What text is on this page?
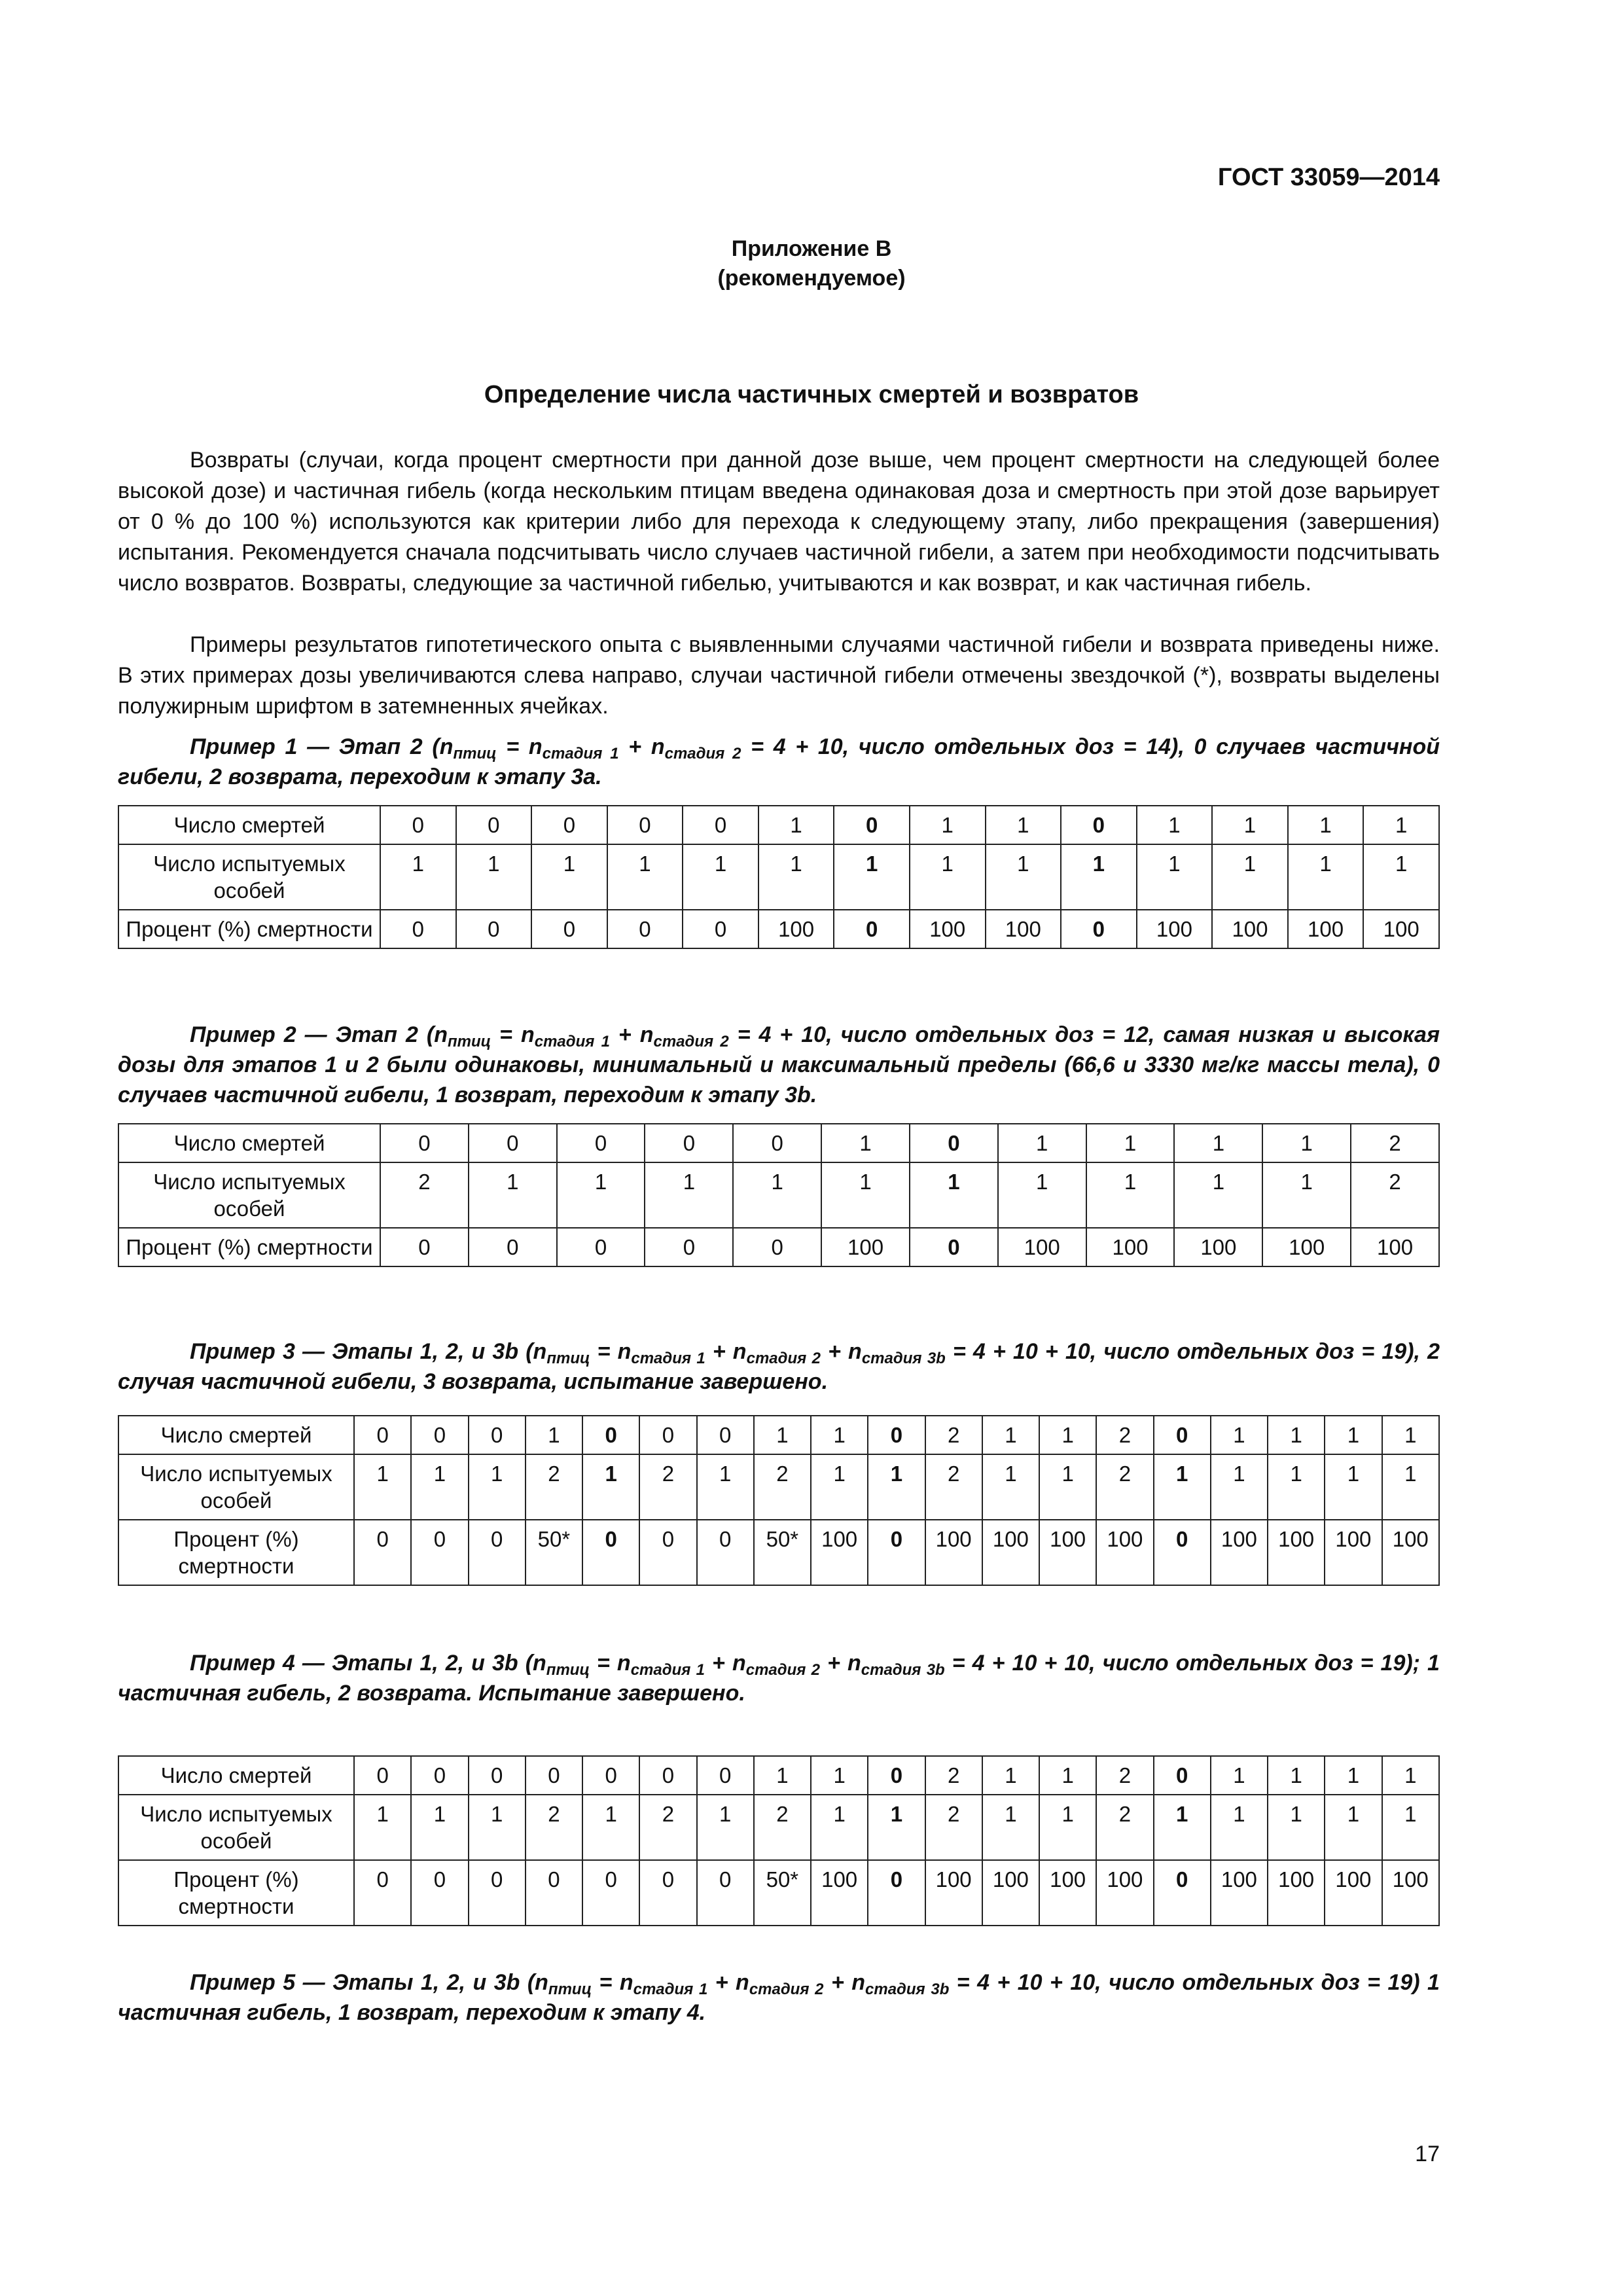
ГОСТ 33059—2014
Приложение В
(рекомендуемое)
Определение числа частичных смертей и возвратов

Возвраты (случаи, когда процент смертности при данной дозе выше, чем процент смертности на следующей более высокой дозе) и частичная гибель (когда нескольким птицам введена одинаковая доза и смертность при этой дозе варьирует от 0 % до 100 %) используются как критерии либо для перехода к следующему этапу, либо прекращения (завершения) испытания. Рекомендуется сначала подсчитывать число случаев частичной гибели, а затем при необходимости подсчитывать число возвратов. Возвраты, следующие за частичной гибелью, учитываются и как возврат, и как частичная гибель.

Примеры результатов гипотетического опыта с выявленными случаями частичной гибели и возврата приведены ниже. В этих примерах дозы увеличиваются слева направо, случаи частичной гибели отмечены звездочкой (*), возвраты выделены полужирным шрифтом в затемненных ячейках.

Пример 1 — Этап 2 ($n_{птиц} = n_{стадия 1} + n_{стадия 2} = 4 + 10$, число отдельных доз = 14), 0 случаев частичной гибели, 2 возврата, переходим к этапу 3а.

Число смертей	0	0	0	0	0	1	0	1	1	0	1	1	1	1
Число испытуемых особей	1	1	1	1	1	1	1	1	1	1	1	1	1	1
Процент (%) смертности	0	0	0	0	0	100	0	100	100	0	100	100	100	100

Пример 2 — Этап 2 ($n_{птиц} = n_{стадия 1} + n_{стадия 2} = 4 + 10$, число отдельных доз = 12, самая низкая и высокая дозы для этапов 1 и 2 были одинаковы, минимальный и максимальный пределы (66,6 и 3330 мг/кг массы тела), 0 случаев частичной гибели, 1 возврат, переходим к этапу 3b.

Число смертей	0	0	0	0	0	1	0	1	1	1	1	2
Число испытуемых особей	2	1	1	1	1	1	1	1	1	1	1	2
Процент (%) смертности	0	0	0	0	0	100	0	100	100	100	100	100

Пример 3 — Этапы 1, 2, и 3b ($n_{птиц} = n_{стадия 1} + n_{стадия 2} + n_{стадия 3b} = 4 + 10 + 10$, число отдельных доз = 19), 2 случая частичной гибели, 3 возврата, испытание завершено.

Число смертей	0	0	0	1	0	0	0	1	1	0	2	1	1	2	0	1	1	1	1
Число испытуемых особей	1	1	1	2	1	2	1	2	1	1	2	1	1	2	1	1	1	1	1
Процент (%) смертности	0	0	0	50*	0	0	0	50*	100	0	100	100	100	100	0	100	100	100	100

Пример 4 — Этапы 1, 2, и 3b ($n_{птиц} = n_{стадия 1} + n_{стадия 2} + n_{стадия 3b} = 4 + 10 + 10$, число отдельных доз = 19); 1 частичная гибель, 2 возврата. Испытание завершено.

Число смертей	0	0	0	0	0	0	0	1	1	0	2	1	1	2	0	1	1	1	1
Число испытуемых особей	1	1	1	2	1	2	1	2	1	1	2	1	1	2	1	1	1	1	1
Процент (%) смертности	0	0	0	0	0	0	0	50*	100	0	100	100	100	100	0	100	100	100	100

Пример 5 — Этапы 1, 2, и 3b ($n_{птиц} = n_{стадия 1} + n_{стадия 2} + n_{стадия 3b} = 4 + 10 + 10$, число отдельных доз = 19) 1 частичная гибель, 1 возврат, переходим к этапу 4.

17
